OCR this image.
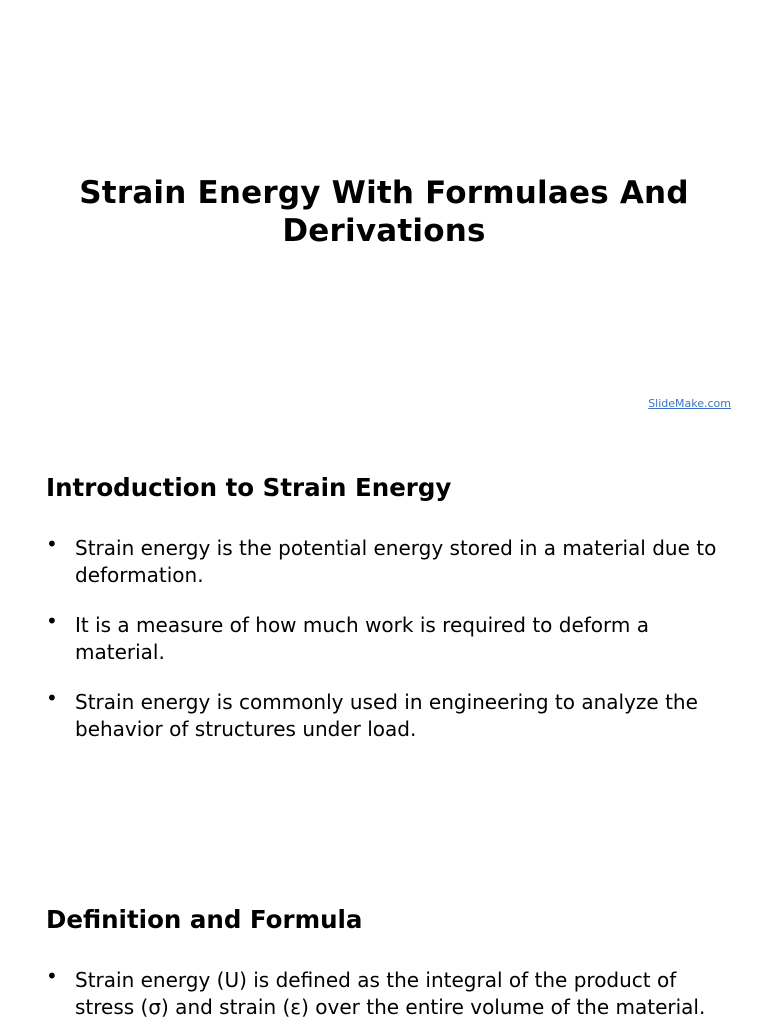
Strain Energy With Formulaes And Derivations
SlideMake.com
Introduction to Strain Energy
• Strain energy is the potential energy stored in a material due to deformation.
• It is a measure of how much work is required to deform a material.
• Strain energy is commonly used in engineering to analyze the behavior of structures under load.
Definition and Formula
• Strain energy (U) is defined as the integral of the product of stress (σ) and strain (ε) over the entire volume of the material.
